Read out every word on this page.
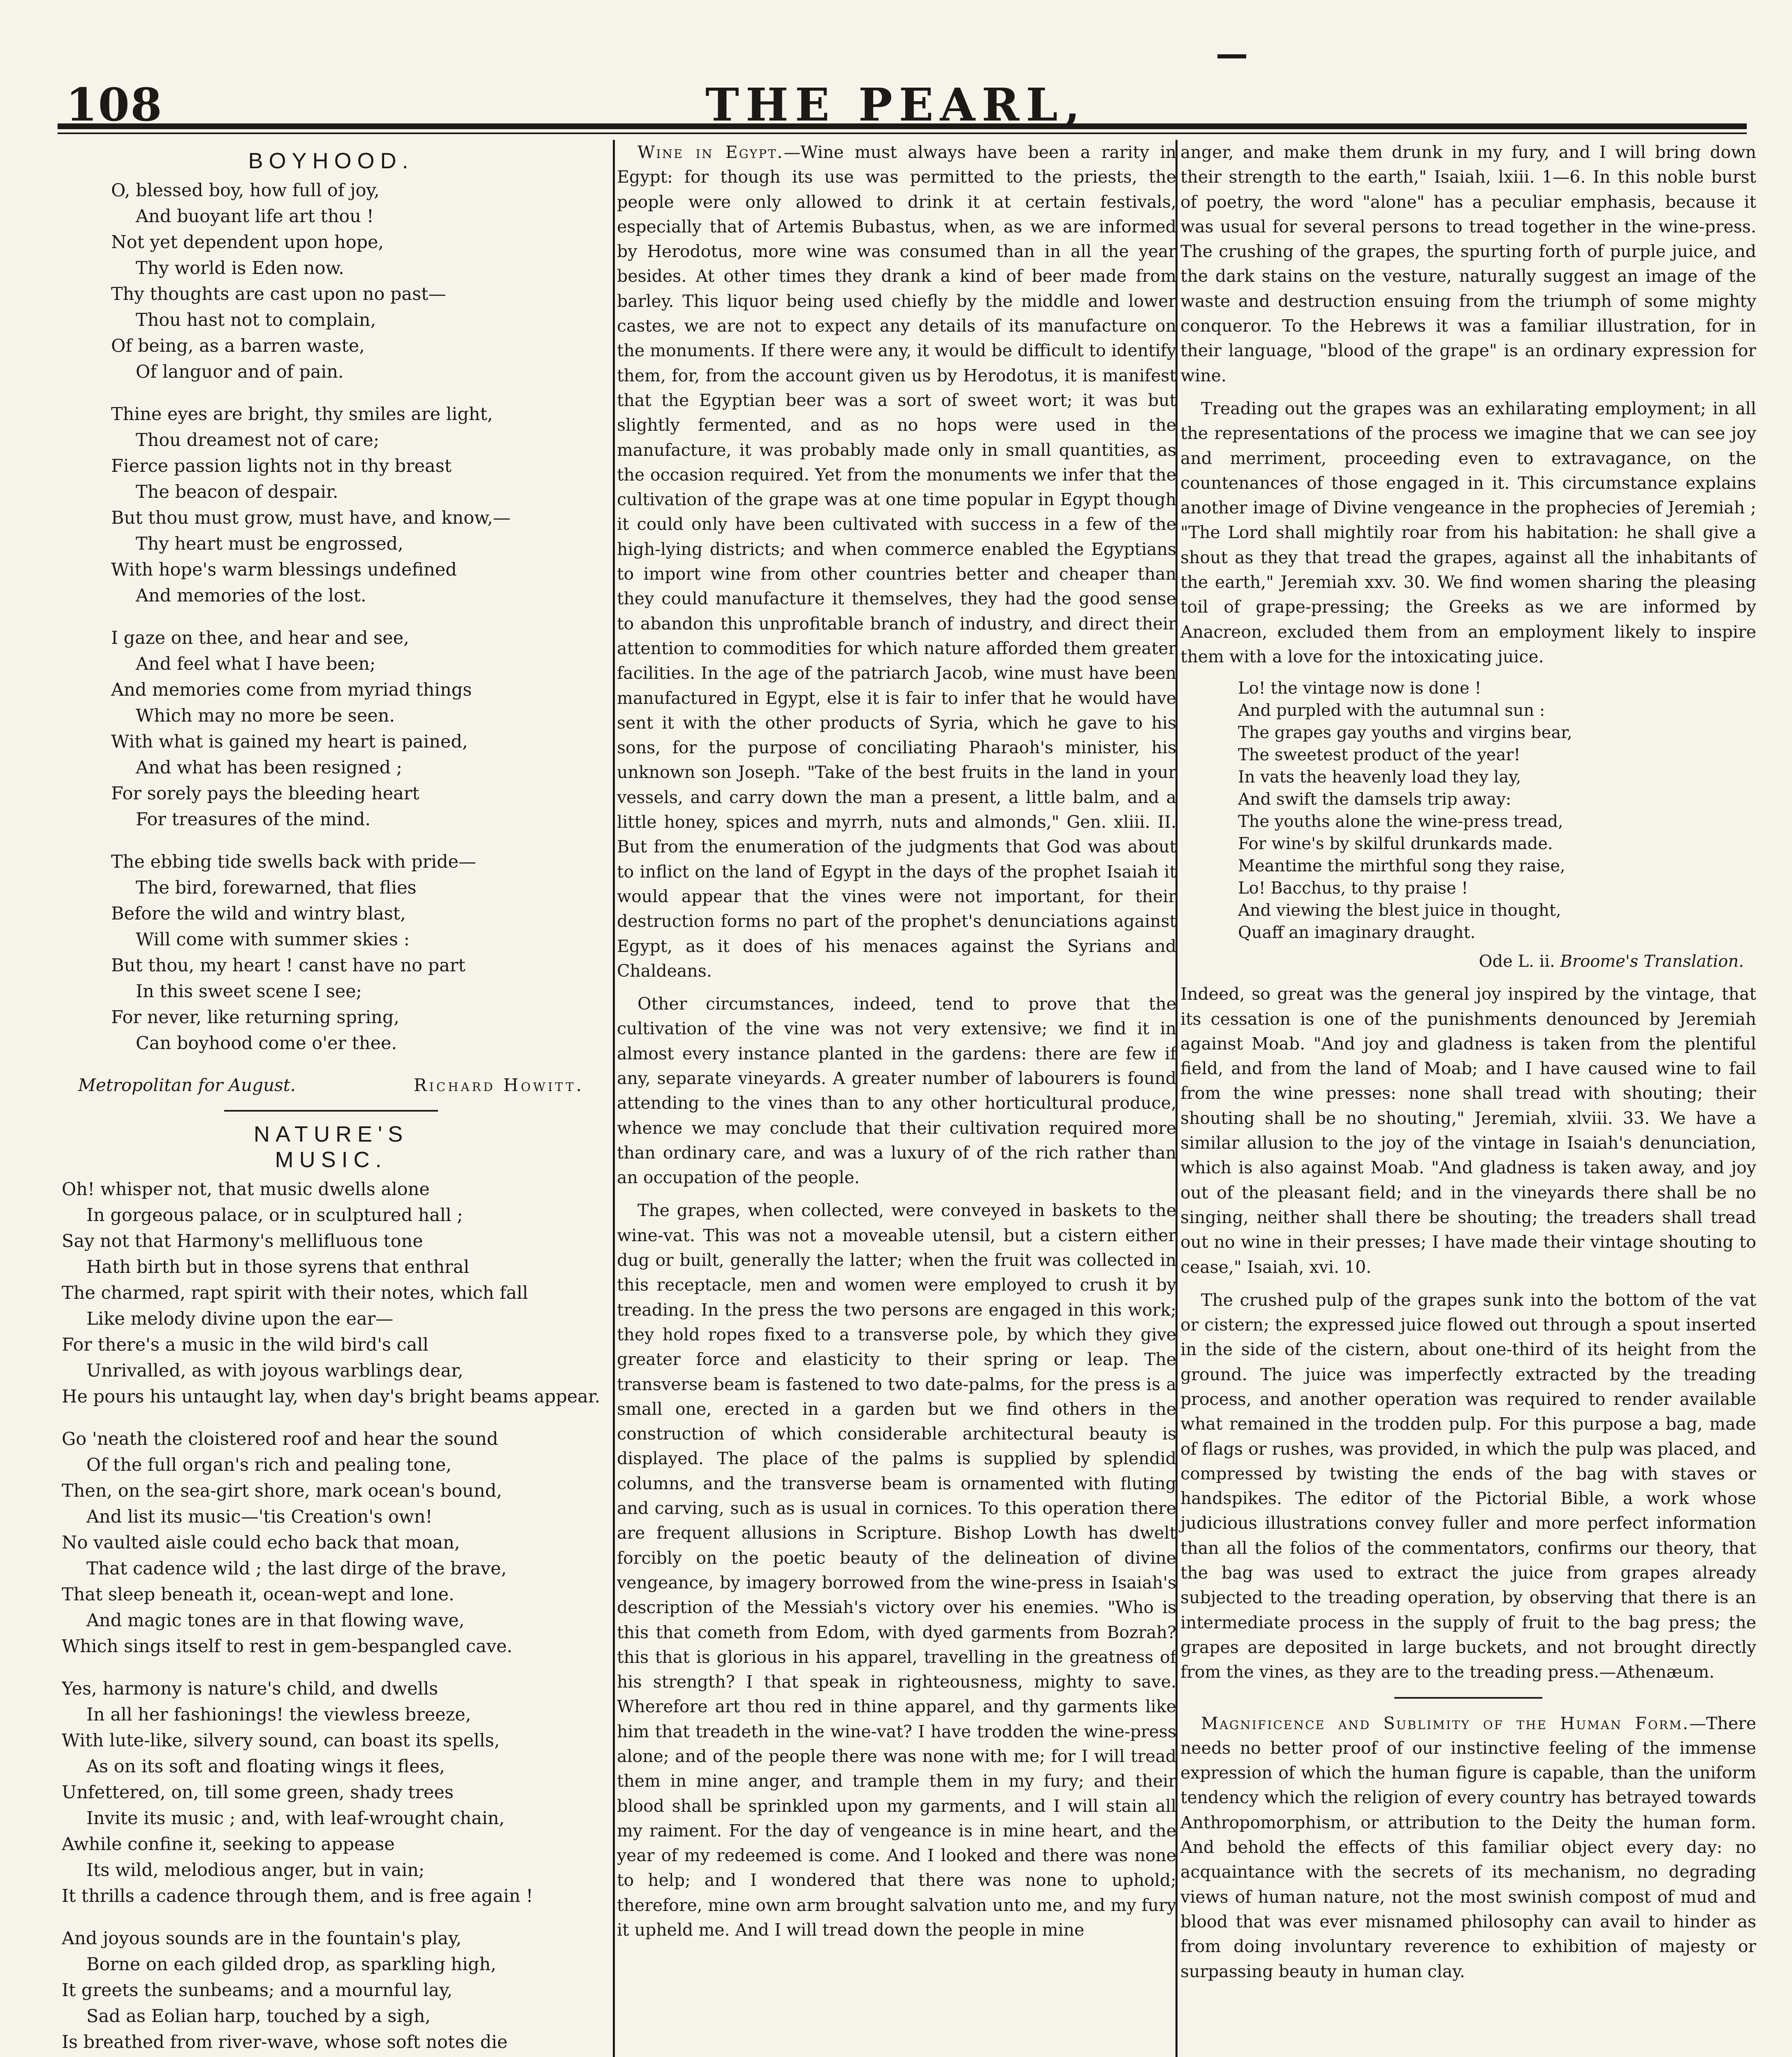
108	THE PEARL,
BOYHOOD.
O, blessed boy, how full of joy,
And buoyant life art thou !
Not yet dependent upon hope,
Thy world is Eden now.
Thy thoughts are cast upon no past—
Thou hast not to complain,
Of being, as a barren waste,
Of languor and of pain.
Thine eyes are bright, thy smiles are light,
Thou dreamest not of care;
Fierce passion lights not in thy breast
The beacon of despair.
But thou must grow, must have, and know,—
Thy heart must be engrossed,
With hope's warm blessings undefined
And memories of the lost.
I gaze on thee, and hear and see,
And feel what I have been;
And memories come from myriad things
Which may no more be seen.
With what is gained my heart is pained,
And what has been resigned ;
For sorely pays the bleeding heart
For treasures of the mind.
The ebbing tide swells back with pride—
The bird, forewarned, that flies
Before the wild and wintry blast,
Will come with summer skies :
But thou, my heart ! canst have no part
In this sweet scene I see;
For never, like returning spring,
Can boyhood come o'er thee.
Metropolitan for August.	Richard Howitt.
NATURE'S MUSIC.
Oh! whisper not, that music dwells alone
In gorgeous palace, or in sculptured hall ;
Say not that Harmony's mellifluous tone
Hath birth but in those syrens that enthral
The charmed, rapt spirit with their notes, which fall
Like melody divine upon the ear—
For there's a music in the wild bird's call
Unrivalled, as with joyous warblings dear,
He pours his untaught lay, when day's bright beams appear.
Go 'neath the cloistered roof and hear the sound
Of the full organ's rich and pealing tone,
Then, on the sea-girt shore, mark ocean's bound,
And list its music—'tis Creation's own!
No vaulted aisle could echo back that moan,
That cadence wild ; the last dirge of the brave,
That sleep beneath it, ocean-wept and lone.
And magic tones are in that flowing wave,
Which sings itself to rest in gem-bespangled cave.
Yes, harmony is nature's child, and dwells
In all her fashionings! the viewless breeze,
With lute-like, silvery sound, can boast its spells,
As on its soft and floating wings it flees,
Unfettered, on, till some green, shady trees
Invite its music ; and, with leaf-wrought chain,
Awhile confine it, seeking to appease
Its wild, melodious anger, but in vain;
It thrills a cadence through them, and is free again !
And joyous sounds are in the fountain's play,
Borne on each gilded drop, as sparkling high,
It greets the sunbeams; and a mournful lay,
Sad as Eolian harp, touched by a sigh,
Is breathed from river-wave, whose soft notes die

Wine in Egypt.—Wine must always have been a rarity in Egypt: for though its use was permitted to the priests, the people were only allowed to drink it at certain festivals, especially that of Artemis Bubastus, when, as we are informed by Herodotus, more wine was consumed than in all the year besides. At other times they drank a kind of beer made from barley. This liquor being used chiefly by the middle and lower castes, we are not to expect any details of its manufacture on the monuments. If there were any, it would be difficult to identify them, for, from the account given us by Herodotus, it is manifest that the Egyptian beer was a sort of sweet wort; it was but slightly fermented, and as no hops were used in the manufacture, it was probably made only in small quantities, as the occasion required. Yet from the monuments we infer that the cultivation of the grape was at one time popular in Egypt though it could only have been cultivated with success in a few of the high-lying districts; and when commerce enabled the Egyptians to import wine from other countries better and cheaper than they could manufacture it themselves, they had the good sense to abandon this unprofitable branch of industry, and direct their attention to commodities for which nature afforded them greater facilities. In the age of the patriarch Jacob, wine must have been manufactured in Egypt, else it is fair to infer that he would have sent it with the other products of Syria, which he gave to his sons, for the purpose of conciliating Pharaoh's minister, his unknown son Joseph. "Take of the best fruits in the land in your vessels, and carry down the man a present, a little balm, and a little honey, spices and myrrh, nuts and almonds," Gen. xliii. II. But from the enumeration of the judgments that God was about to inflict on the land of Egypt in the days of the prophet Isaiah it would appear that the vines were not important, for their destruction forms no part of the prophet's denunciations against Egypt, as it does of his menaces against the Syrians and Chaldeans.

Other circumstances, indeed, tend to prove that the cultivation of the vine was not very extensive; we find it in almost every instance planted in the gardens: there are few if any, separate vineyards. A greater number of labourers is found attending to the vines than to any other horticultural produce, whence we may conclude that their cultivation required more than ordinary care, and was a luxury of of the rich rather than an occupation of the people.

The grapes, when collected, were conveyed in baskets to the wine-vat. This was not a moveable utensil, but a cistern either dug or built, generally the latter; when the fruit was collected in this receptacle, men and women were employed to crush it by treading. In the press the two persons are engaged in this work; they hold ropes fixed to a transverse pole, by which they give greater force and elasticity to their spring or leap. The transverse beam is fastened to two date-palms, for the press is a small one, erected in a garden but we find others in the construction of which considerable architectural beauty is displayed. The place of the palms is supplied by splendid columns, and the transverse beam is ornamented with fluting and carving, such as is usual in cornices. To this operation there are frequent allusions in Scripture. Bishop Lowth has dwelt forcibly on the poetic beauty of the delineation of divine vengeance, by imagery borrowed from the wine-press in Isaiah's description of the Messiah's victory over his enemies. "Who is this that cometh from Edom, with dyed garments from Bozrah? this that is glorious in his apparel, travelling in the greatness of his strength? I that speak in righteousness, mighty to save. Wherefore art thou red in thine apparel, and thy garments like him that treadeth in the wine-vat? I have trodden the wine-press alone; and of the people there was none with me; for I will tread them in mine anger, and trample them in my fury; and their blood shall be sprinkled upon my garments, and I will stain all my raiment. For the day of vengeance is in mine heart, and the year of my redeemed is come. And I looked and there was none to help; and I wondered that there was none to uphold; therefore, mine own arm brought salvation unto me, and my fury it upheld me. And I will tread down the people in mine

anger, and make them drunk in my fury, and I will bring down their strength to the earth," Isaiah, lxiii. 1—6. In this noble burst of poetry, the word "alone" has a peculiar emphasis, because it was usual for several persons to tread together in the wine-press. The crushing of the grapes, the spurting forth of purple juice, and the dark stains on the vesture, naturally suggest an image of the waste and destruction ensuing from the triumph of some mighty conqueror. To the Hebrews it was a familiar illustration, for in their language, "blood of the grape" is an ordinary expression for wine.

Treading out the grapes was an exhilarating employment; in all the representations of the process we imagine that we can see joy and merriment, proceeding even to extravagance, on the countenances of those engaged in it. This circumstance explains another image of Divine vengeance in the prophecies of Jeremiah ; "The Lord shall mightily roar from his habitation: he shall give a shout as they that tread the grapes, against all the inhabitants of the earth," Jeremiah xxv. 30. We find women sharing the pleasing toil of grape-pressing; the Greeks as we are informed by Anacreon, excluded them from an employment likely to inspire them with a love for the intoxicating juice.

Lo! the vintage now is done !
And purpled with the autumnal sun :
The grapes gay youths and virgins bear,
The sweetest product of the year!
In vats the heavenly load they lay,
And swift the damsels trip away:
The youths alone the wine-press tread,
For wine's by skilful drunkards made.
Meantime the mirthful song they raise,
Lo! Bacchus, to thy praise !
And viewing the blest juice in thought,
Quaff an imaginary draught.
Ode L. ii. Broome's Translation.

Indeed, so great was the general joy inspired by the vintage, that its cessation is one of the punishments denounced by Jeremiah against Moab. "And joy and gladness is taken from the plentiful field, and from the land of Moab; and I have caused wine to fail from the wine presses: none shall tread with shouting; their shouting shall be no shouting," Jeremiah, xlviii. 33. We have a similar allusion to the joy of the vintage in Isaiah's denunciation, which is also against Moab. "And gladness is taken away, and joy out of the pleasant field; and in the vineyards there shall be no singing, neither shall there be shouting; the treaders shall tread out no wine in their presses; I have made their vintage shouting to cease," Isaiah, xvi. 10.

The crushed pulp of the grapes sunk into the bottom of the vat or cistern; the expressed juice flowed out through a spout inserted in the side of the cistern, about one-third of its height from the ground. The juice was imperfectly extracted by the treading process, and another operation was required to render available what remained in the trodden pulp. For this purpose a bag, made of flags or rushes, was provided, in which the pulp was placed, and compressed by twisting the ends of the bag with staves or handspikes. The editor of the Pictorial Bible, a work whose judicious illustrations convey fuller and more perfect information than all the folios of the commentators, confirms our theory, that the bag was used to extract the juice from grapes already subjected to the treading operation, by observing that there is an intermediate process in the supply of fruit to the bag press; the grapes are deposited in large buckets, and not brought directly from the vines, as they are to the treading press.—Athenæum.

Magnificence and Sublimity of the Human Form.—There needs no better proof of our instinctive feeling of the immense expression of which the human figure is capable, than the uniform tendency which the religion of every country has betrayed towards Anthropomorphism, or attribution to the Deity the human form. And behold the effects of this familiar object every day: no acquaintance with the secrets of its mechanism, no degrading views of human nature, not the most swinish compost of mud and blood that was ever misnamed philosophy can avail to hinder as from doing involuntary reverence to exhibition of majesty or surpassing beauty in human clay.
